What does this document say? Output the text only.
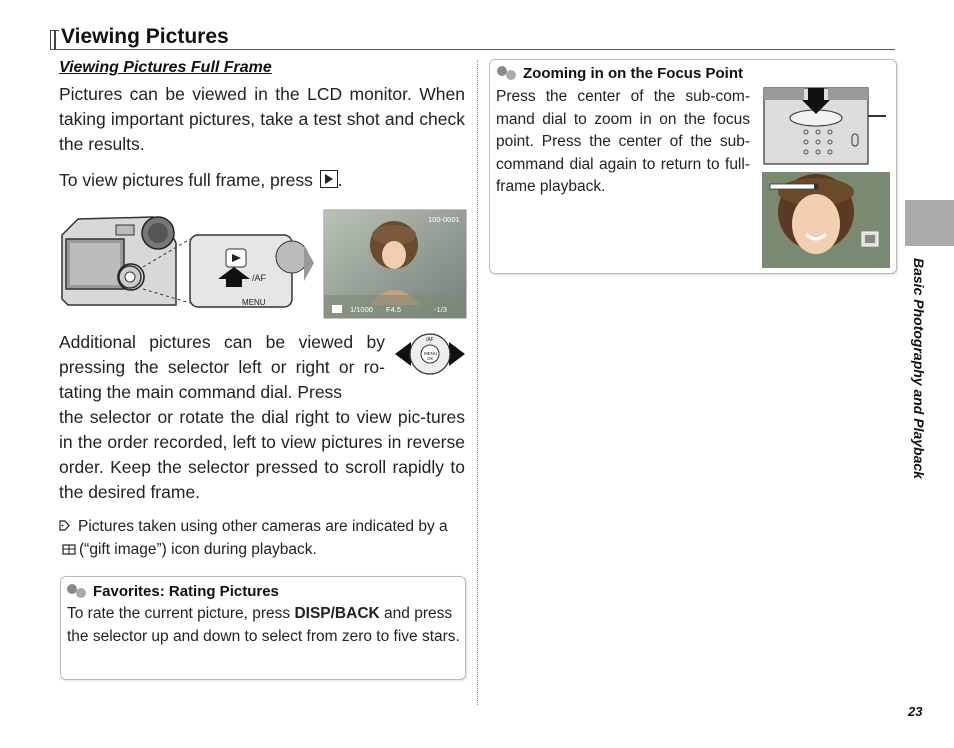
Viewing Pictures
Viewing Pictures Full Frame
Pictures can be viewed in the LCD monitor. When taking important pictures, take a test shot and check the results.
To view pictures full frame, press .
/AF
MENU
100-0001
1/1000 F4.5	-1/3
Additional pictures can be viewed by pressing the selector left or right or ro-tating the main command dial. Press
/AF
MENU
OK
the selector or rotate the dial right to view pic-tures in the order recorded, left to view pictures in reverse order. Keep the selector pressed to scroll rapidly to the desired frame.
Pictures taken using other cameras are indicated by a (“gift image”) icon during playback.
Favorites: Rating Pictures
To rate the current picture, press DISP/BACK and press the selector up and down to select from zero to five stars.
Zooming in on the Focus Point
Press the center of the sub-com-mand dial to zoom in on the focus point. Press the center of the sub-command dial again to return to full-frame playback.
Basic Photography and Playback
23
